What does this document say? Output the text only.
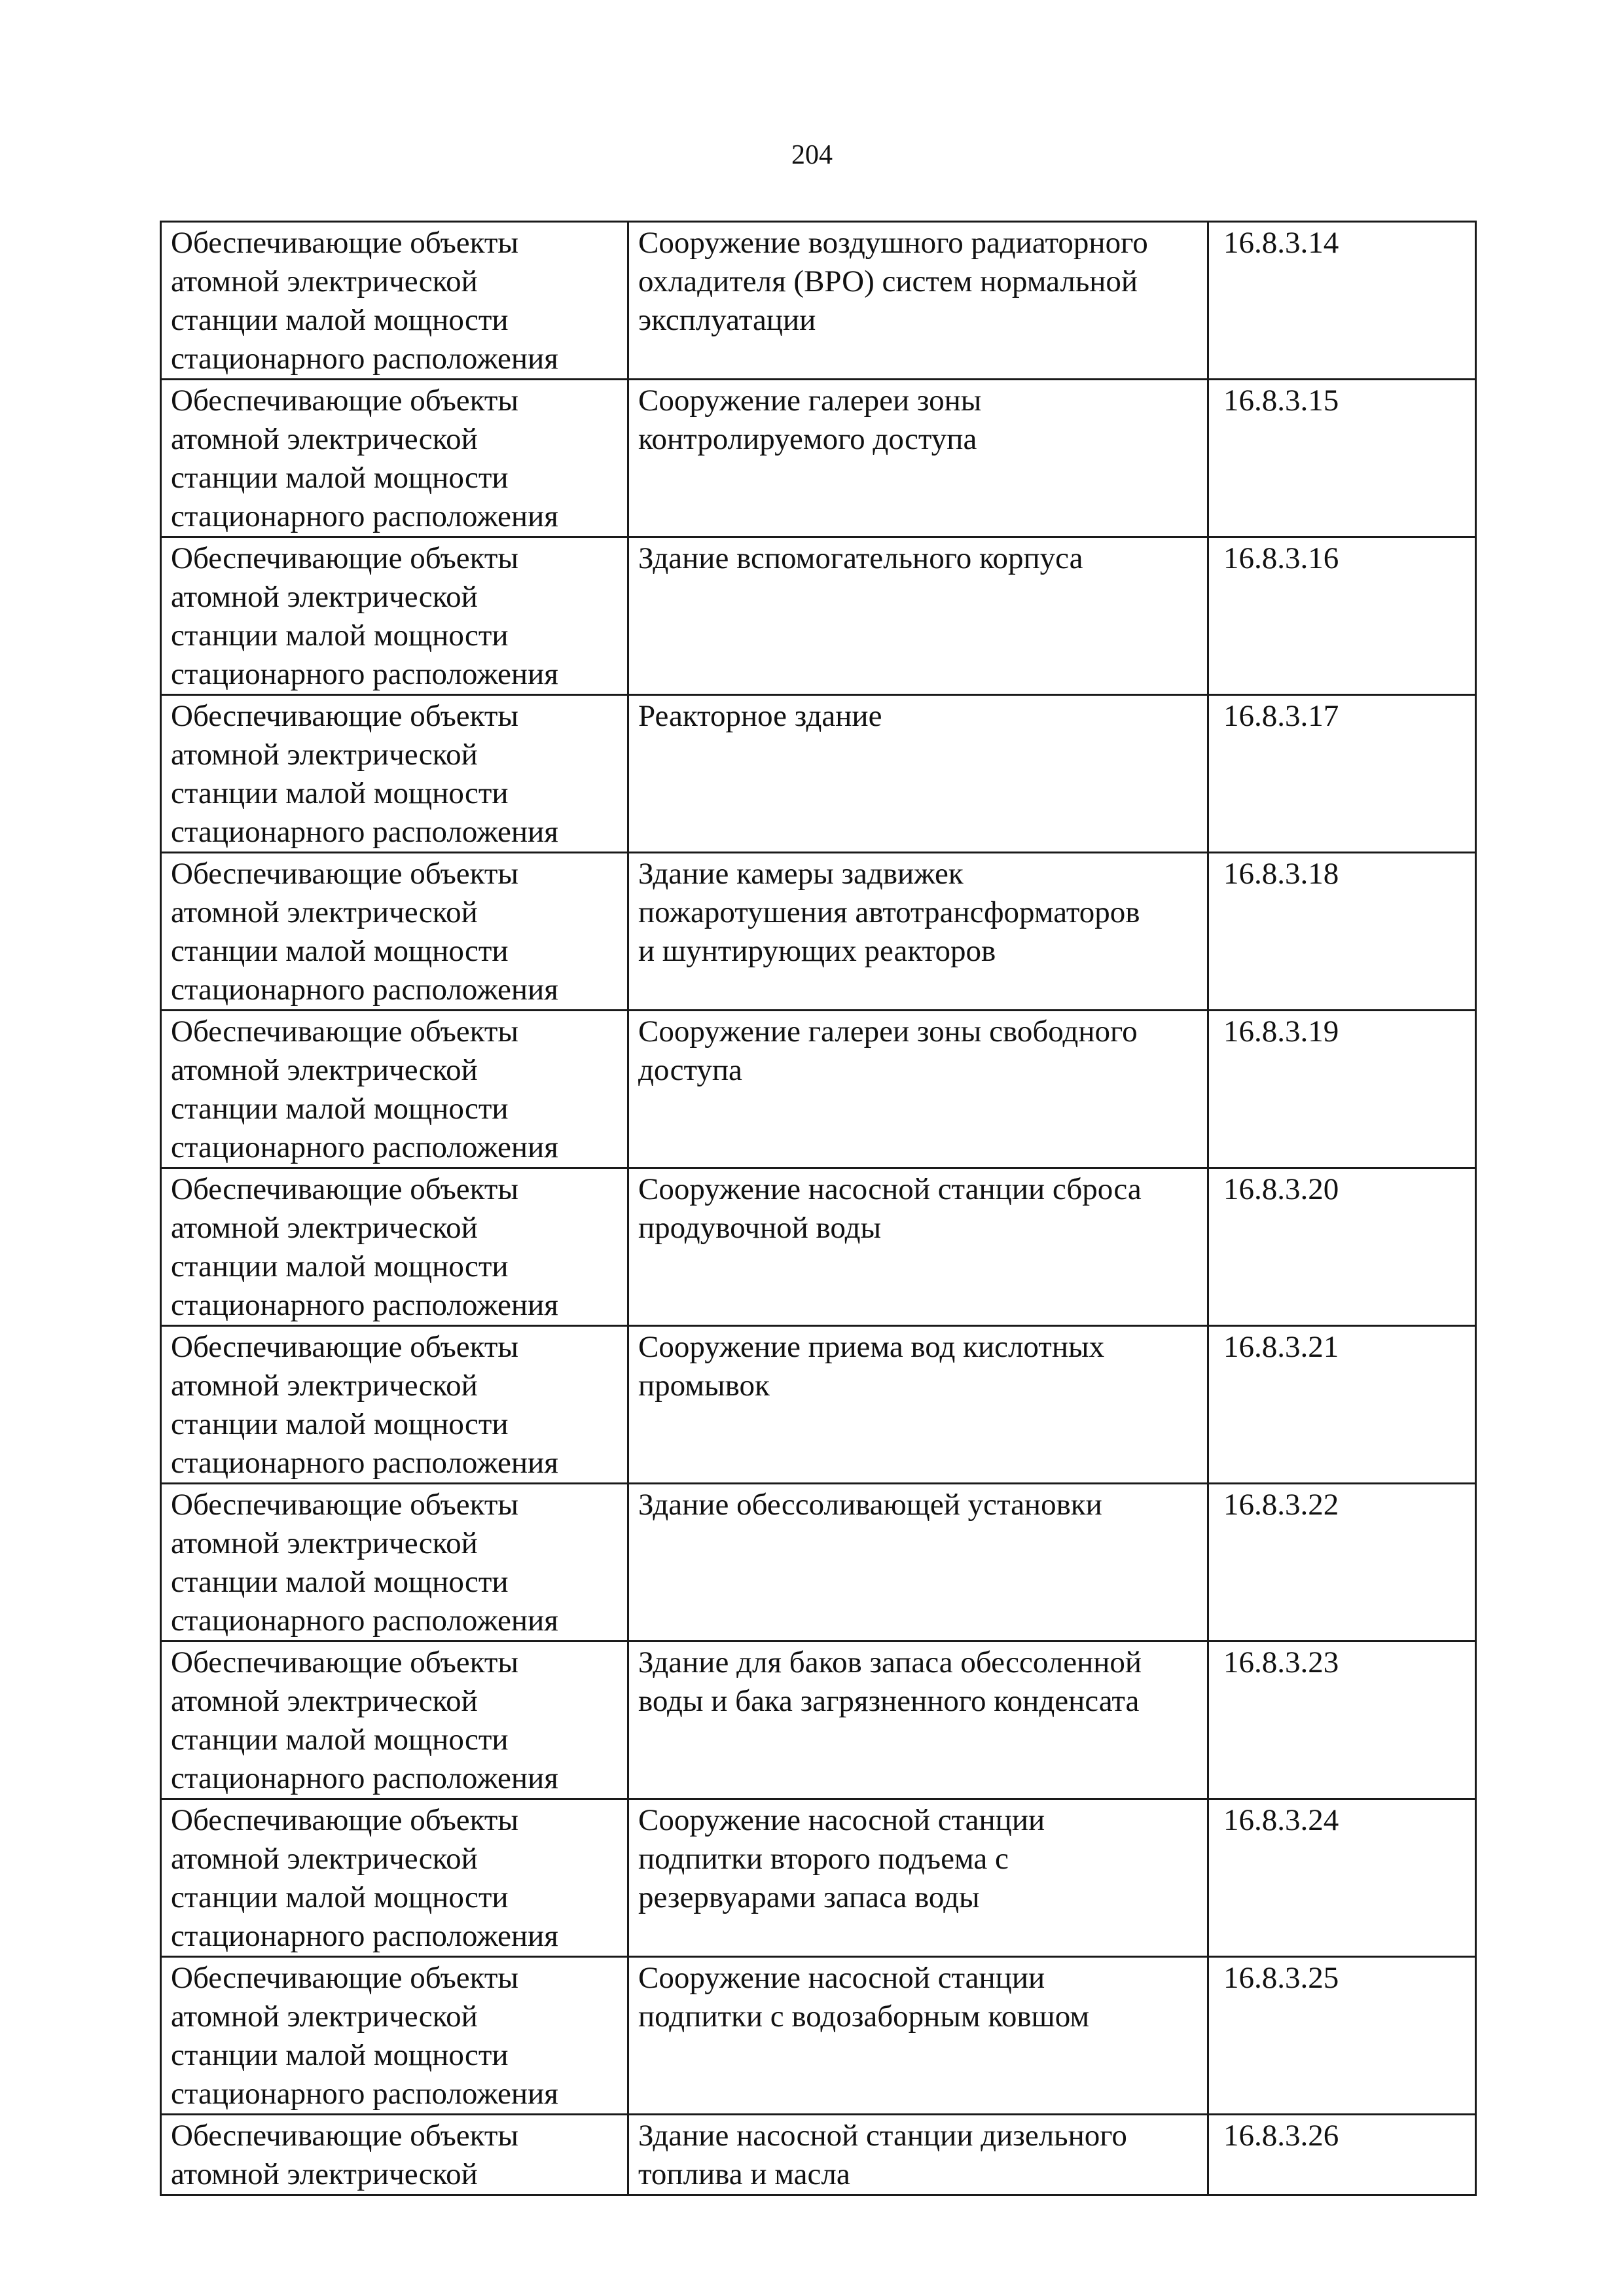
204
Обеспечивающие объекты
атомной электрической
станции малой мощности
стационарного расположения	Сооружение воздушного радиаторного
охладителя (ВРО) систем нормальной
эксплуатации	16.8.3.14

Обеспечивающие объекты
атомной электрической
станции малой мощности
стационарного расположения	Сооружение галереи зоны
контролируемого доступа	16.8.3.15

Обеспечивающие объекты
атомной электрической
станции малой мощности
стационарного расположения	Здание вспомогательного корпуса	16.8.3.16

Обеспечивающие объекты
атомной электрической
станции малой мощности
стационарного расположения	Реакторное здание	16.8.3.17

Обеспечивающие объекты
атомной электрической
станции малой мощности
стационарного расположения	Здание камеры задвижек
пожаротушения автотрансформаторов
и шунтирующих реакторов	16.8.3.18

Обеспечивающие объекты
атомной электрической
станции малой мощности
стационарного расположения	Сооружение галереи зоны свободного
доступа	16.8.3.19

Обеспечивающие объекты
атомной электрической
станции малой мощности
стационарного расположения	Сооружение насосной станции сброса
продувочной воды	16.8.3.20

Обеспечивающие объекты
атомной электрической
станции малой мощности
стационарного расположения	Сооружение приема вод кислотных
промывок	16.8.3.21

Обеспечивающие объекты
атомной электрической
станции малой мощности
стационарного расположения	Здание обессоливающей установки	16.8.3.22

Обеспечивающие объекты
атомной электрической
станции малой мощности
стационарного расположения	Здание для баков запаса обессоленной
воды и бака загрязненного конденсата	16.8.3.23

Обеспечивающие объекты
атомной электрической
станции малой мощности
стационарного расположения	Сооружение насосной станции
подпитки второго подъема с
резервуарами запаса воды	16.8.3.24

Обеспечивающие объекты
атомной электрической
станции малой мощности
стационарного расположения	Сооружение насосной станции
подпитки с водозаборным ковшом	16.8.3.25

Обеспечивающие объекты
атомной электрической	Здание насосной станции дизельного
топлива и масла	16.8.3.26
